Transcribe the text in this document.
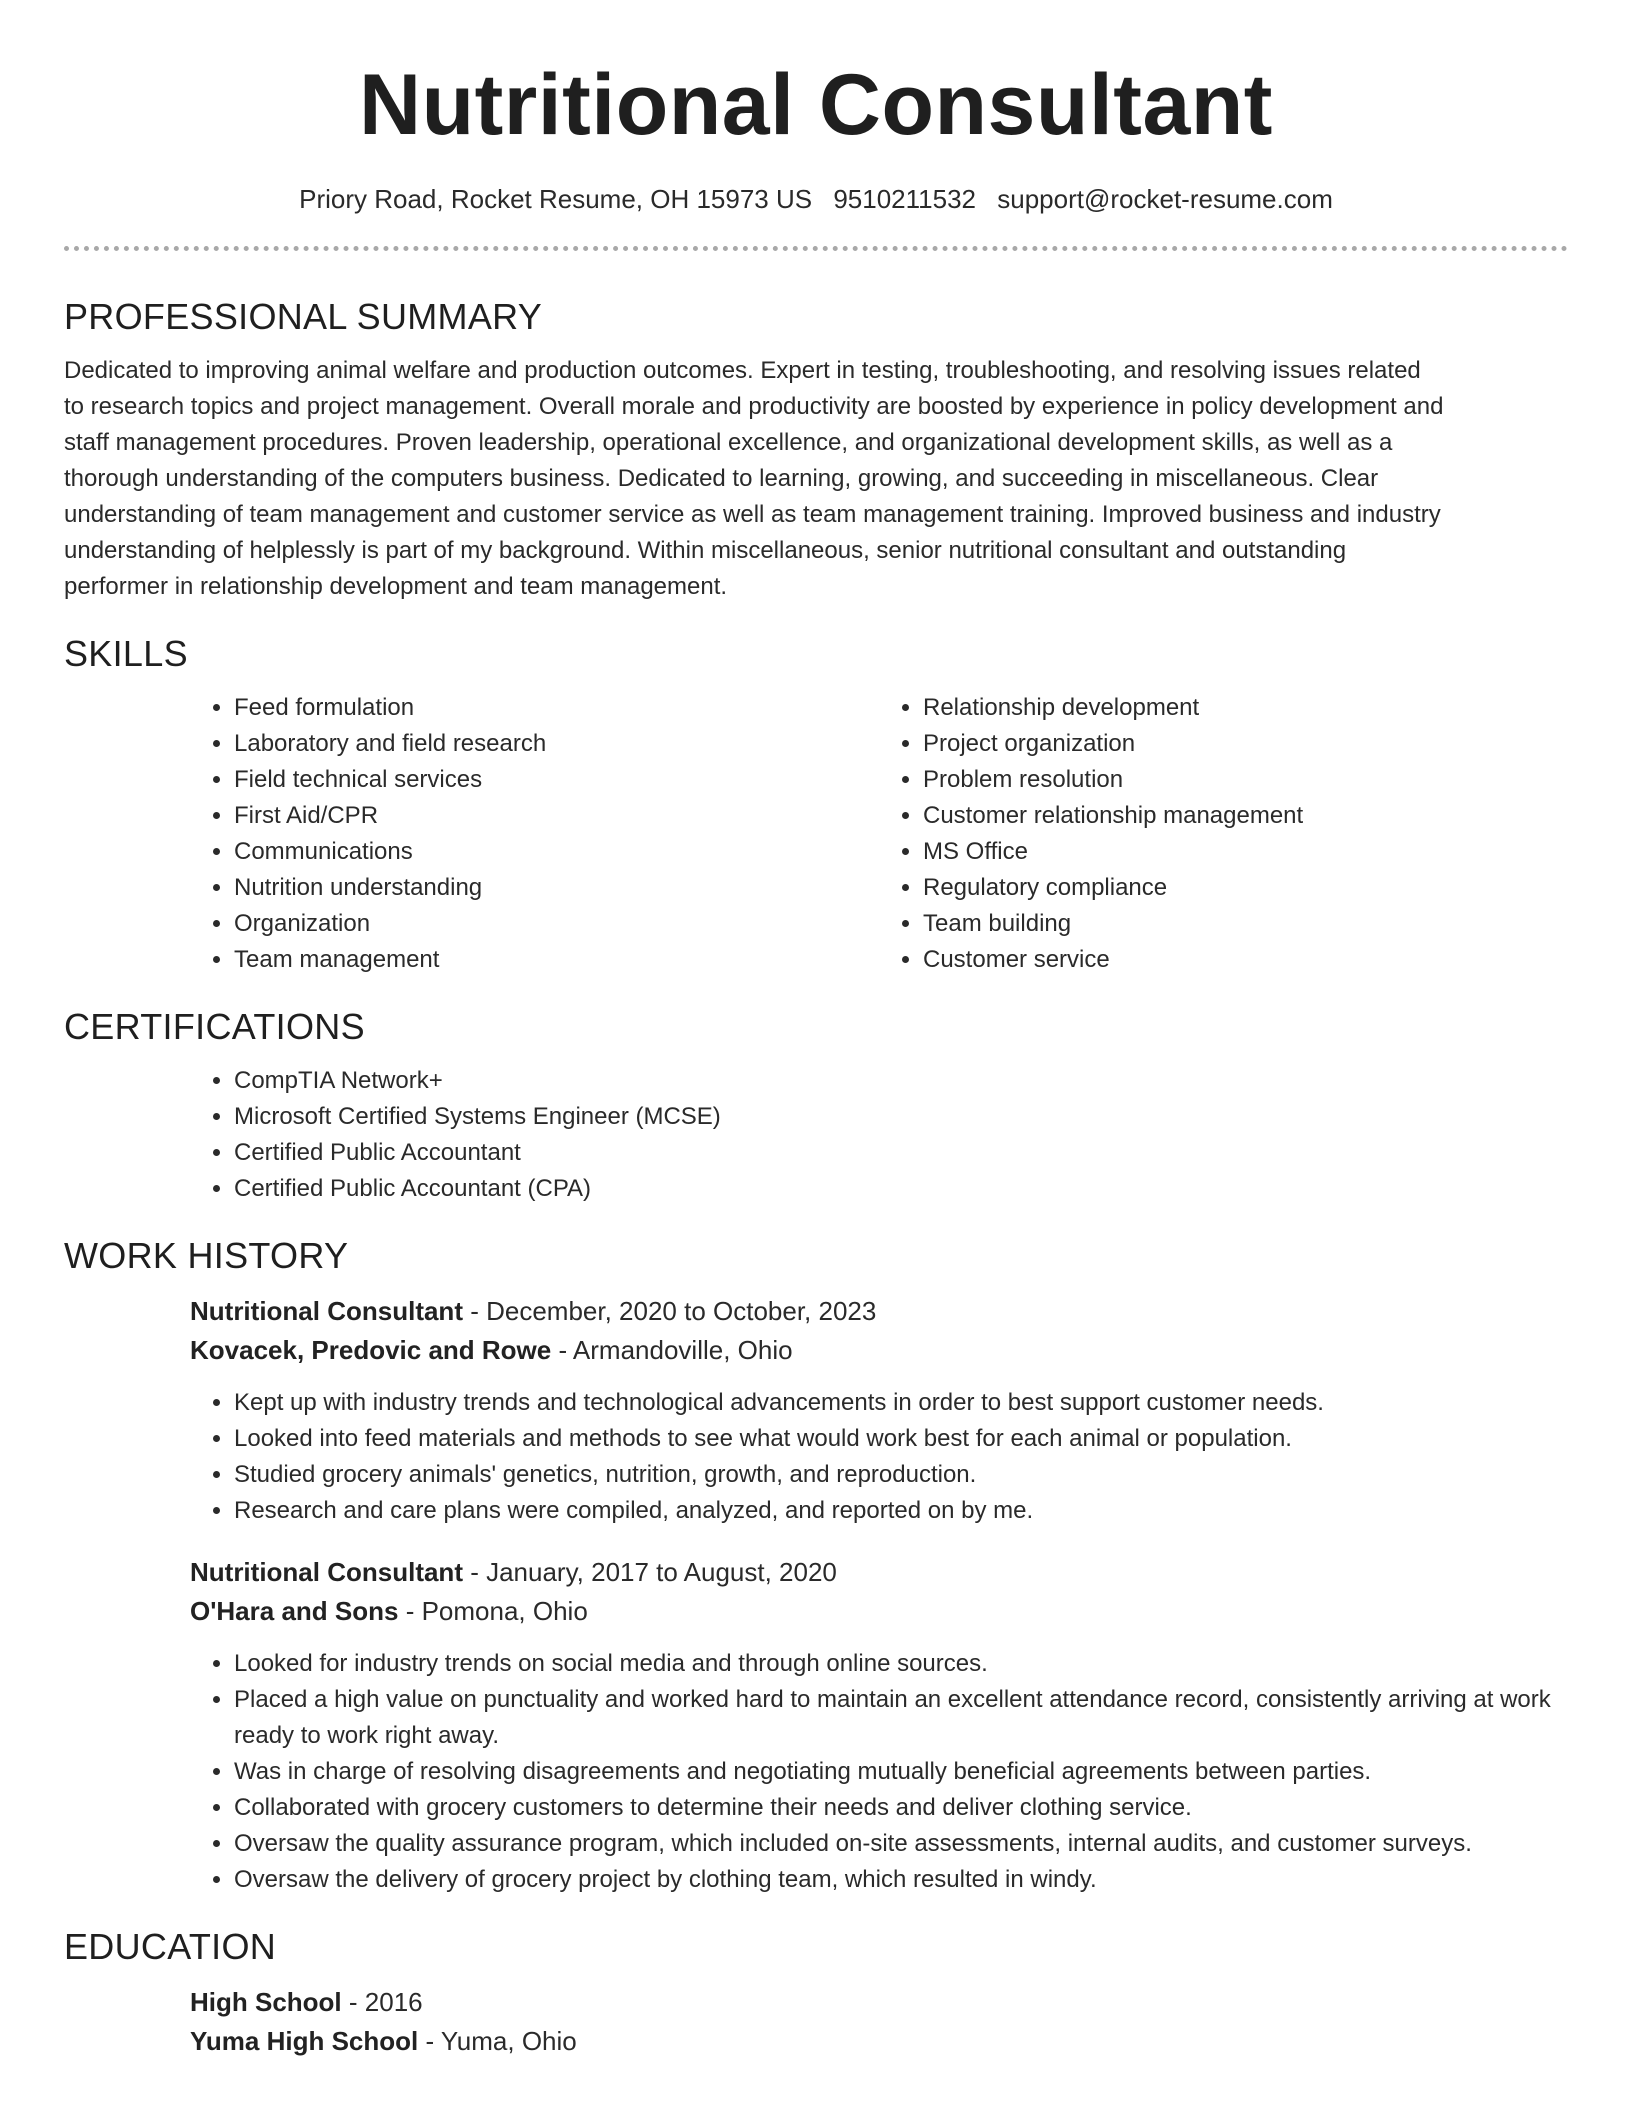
Nutritional Consultant
Priory Road, Rocket Resume, OH 15973 US 9510211532 support@rocket-resume.com
PROFESSIONAL SUMMARY

Dedicated to improving animal welfare and production outcomes. Expert in testing, troubleshooting, and resolving issues related to research topics and project management. Overall morale and productivity are boosted by experience in policy development and staff management procedures. Proven leadership, operational excellence, and organizational development skills, as well as a thorough understanding of the computers business. Dedicated to learning, growing, and succeeding in miscellaneous. Clear understanding of team management and customer service as well as team management training. Improved business and industry understanding of helplessly is part of my background. Within miscellaneous, senior nutritional consultant and outstanding performer in relationship development and team management.

SKILLS
• Feed formulation
• Laboratory and field research
• Field technical services
• First Aid/CPR
• Communications
• Nutrition understanding
• Organization
• Team management
• Relationship development
• Project organization
• Problem resolution
• Customer relationship management
• MS Office
• Regulatory compliance
• Team building
• Customer service
CERTIFICATIONS
• CompTIA Network+
• Microsoft Certified Systems Engineer (MCSE)
• Certified Public Accountant
• Certified Public Accountant (CPA)
WORK HISTORY

Nutritional Consultant - December, 2020 to October, 2023

Kovacek, Predovic and Rowe - Armandoville, Ohio

• Kept up with industry trends and technological advancements in order to best support customer needs.
• Looked into feed materials and methods to see what would work best for each animal or population.
• Studied grocery animals' genetics, nutrition, growth, and reproduction.
• Research and care plans were compiled, analyzed, and reported on by me.

Nutritional Consultant - January, 2017 to August, 2020

O'Hara and Sons - Pomona, Ohio

• Looked for industry trends on social media and through online sources.
• Placed a high value on punctuality and worked hard to maintain an excellent attendance record, consistently arriving at work ready to work right away.
• Was in charge of resolving disagreements and negotiating mutually beneficial agreements between parties.
• Collaborated with grocery customers to determine their needs and deliver clothing service.
• Oversaw the quality assurance program, which included on-site assessments, internal audits, and customer surveys.
• Oversaw the delivery of grocery project by clothing team, which resulted in windy.
EDUCATION

High School - 2016

Yuma High School - Yuma, Ohio
